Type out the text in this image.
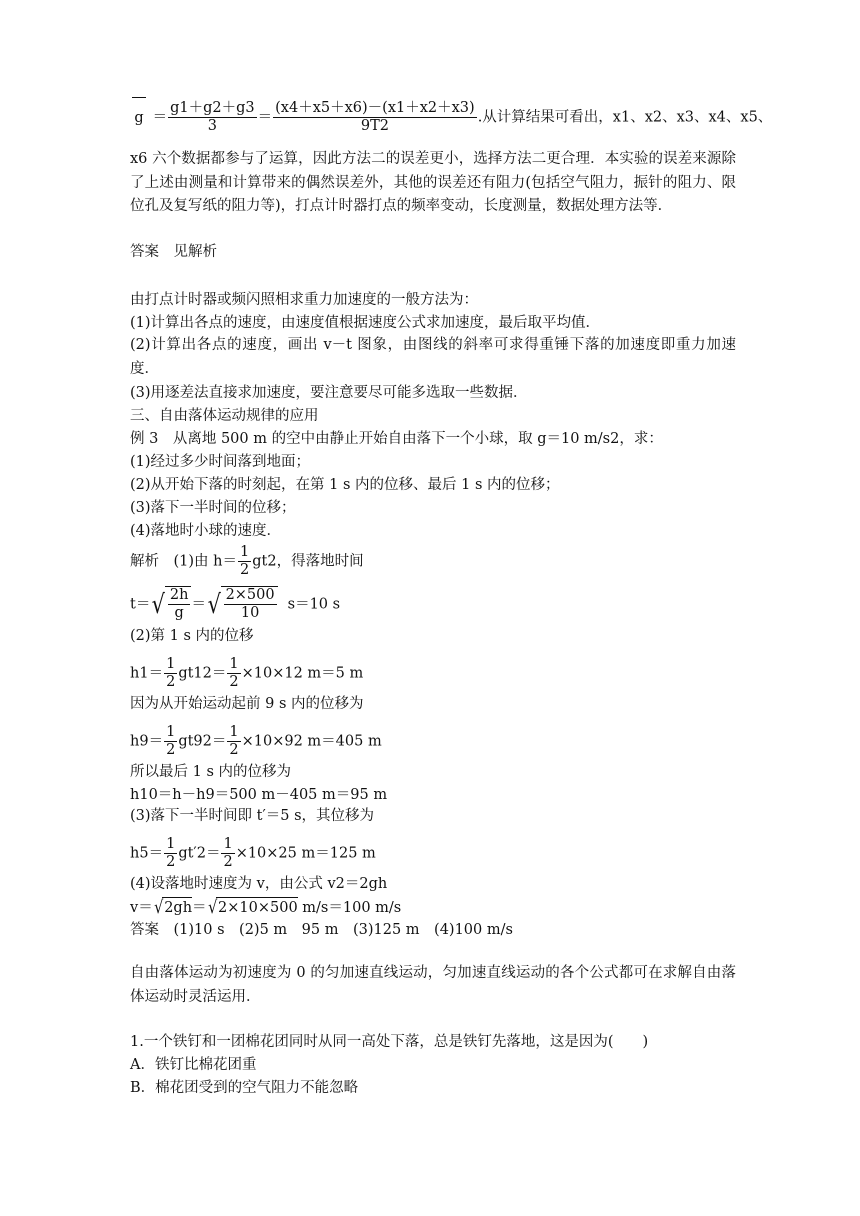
$g = \frac{g1+g2+g3}{3} = \frac{(x4+x5+x6)-(x1+x2+x3)}{9T2}$ .从计算结果可看出，x1、x2、x3、x4、x5、
x6 六个数据都参与了运算，因此方法二的误差更小，选择方法二更合理．本实验的误差来源除了上述由测量和计算带来的偶然误差外，其他的误差还有阻力(包括空气阻力，振针的阻力、限位孔及复写纸的阻力等)，打点计时器打点的频率变动，长度测量，数据处理方法等．
答案　见解析
由打点计时器或频闪照相求重力加速度的一般方法为：
(1)计算出各点的速度，由速度值根据速度公式求加速度，最后取平均值．
(2)计算出各点的速度，画出 v－t 图象，由图线的斜率可求得重锤下落的加速度即重力加速度．
(3)用逐差法直接求加速度，要注意要尽可能多选取一些数据．
三、自由落体运动规律的应用
例 3　从离地 500 m 的空中由静止开始自由落下一个小球，取 g＝10 m/s2，求：
(1)经过多少时间落到地面；
(2)从开始下落的时刻起，在第 1 s 内的位移、最后 1 s 内的位移；
(3)落下一半时间的位移；
(4)落地时小球的速度．
解析　(1)由 $h= \frac{1}{2} gt2$，得落地时间
$t=√ \frac{2h}{g}$ ＝√ $\frac{2\times 500}{10} s=10$ s
(2)第 1 s 内的位移
$h1= \frac{1}{2} gt12= \frac{1}{2} \times 10\times 12$ m＝5 m
因为从开始运动起前 9 s 内的位移为
$h9= \frac{1}{2} gt92= \frac{1}{2} \times 10\times 92$ m＝405 m
所以最后 1 s 内的位移为
h10＝h－h9＝500 m－405 m＝95 m
(3)落下一半时间即 t′＝5 s，其位移为
$h5= \frac{1}{2} gt'2= \frac{1}{2} \times 10\times 25$ m＝125 m
(4)设落地时速度为 v，由公式 v2＝2gh
v＝√2gh＝√2×10×500 m/s＝100 m/s
答案　(1)10 s　(2)5 m　95 m　(3)125 m　(4)100 m/s
自由落体运动为初速度为 0 的匀加速直线运动，匀加速直线运动的各个公式都可在求解自由落体运动时灵活运用．
1.一个铁钉和一团棉花团同时从同一高处下落，总是铁钉先落地，这是因为(　　)
A．铁钉比棉花团重
B．棉花团受到的空气阻力不能忽略
